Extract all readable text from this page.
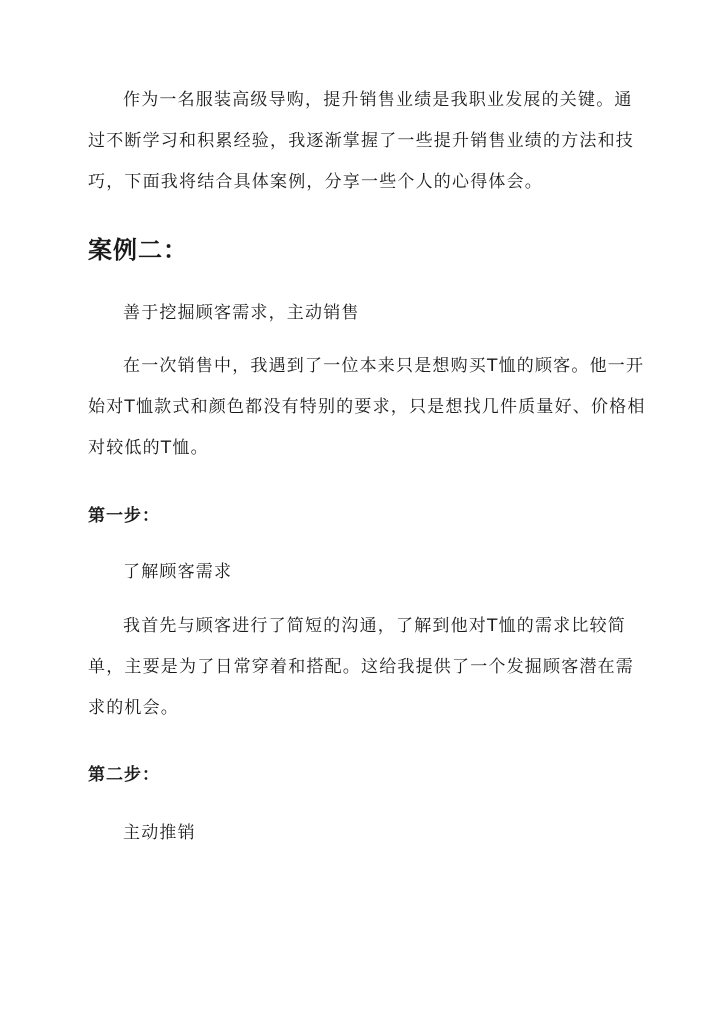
作为一名服装高级导购，提升销售业绩是我职业发展的关键。通过不断学习和积累经验，我逐渐掌握了一些提升销售业绩的方法和技巧，下面我将结合具体案例，分享一些个人的心得体会。

案例二：

善于挖掘顾客需求，主动销售

在一次销售中，我遇到了一位本来只是想购买T恤的顾客。他一开始对T恤款式和颜色都没有特别的要求，只是想找几件质量好、价格相对较低的T恤。

第一步：

了解顾客需求

我首先与顾客进行了简短的沟通，了解到他对T恤的需求比较简单，主要是为了日常穿着和搭配。这给我提供了一个发掘顾客潜在需求的机会。

第二步：

主动推销
